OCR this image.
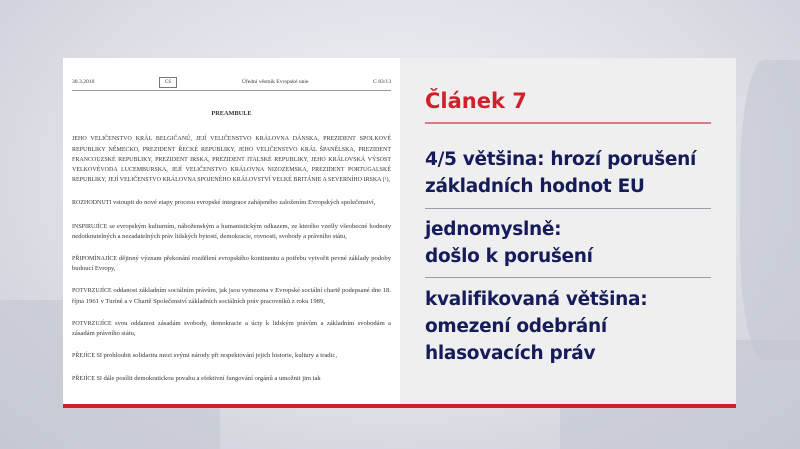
30.3.2010	CS	Úřední věstník Evropské unie	C 83/13
PREAMBULE
JEHO VELIČENSTVO KRÁL BELGIČANŮ, JEJÍ VELIČENSTVO KRÁLOVNA DÁNSKA, PREZIDENT SPOLKOVÉ REPUBLIKY NĚMECKO, PREZIDENT ŘECKÉ REPUBLIKY, JEHO VELIČENSTVO KRÁL ŠPANĚLSKA, PREZIDENT FRANCOUZSKÉ REPUBLIKY, PREZIDENT IRSKA, PREZIDENT ITALSKÉ REPUBLIKY, JEHO KRÁLOVSKÁ VÝSOST VELKOVÉVODA LUCEMBURSKA, JEJÍ VELIČENSTVO KRÁLOVNA NIZOZEMSKA, PREZIDENT PORTUGALSKÉ REPUBLIKY, JEJÍ VELIČENSTVO KRÁLOVNA SPOJENÉHO KRÁLOVSTVÍ VELKÉ BRITÁNIE A SEVERNÍHO IRSKA (¹),
ROZHODNUTI vstoupit do nové etapy procesu evropské integrace zahájeného založením Evropských společenství,
INSPIRUJÍCE se evropským kulturním, náboženským a humanistickým odkazem, ze kterého vzešly všeobecné hodnoty nedotknutelných a nezadatelných práv lidských bytostí, demokracie, rovnosti, svobody a právního státu,
PŘIPOMÍNAJÍCE dějinný význam překonání rozdělení evropského kontinentu a potřebu vytvořit pevné základy podoby budoucí Evropy,
POTVRZUJÍCE oddanost základním sociálním právům, jak jsou vymezena v Evropské sociální chartě podepsané dne 18. října 1961 v Turíně a v Chartě Společenství základních sociálních práv pracovníků z roku 1989,
POTVRZUJÍCE svou oddanost zásadám svobody, demokracie a úcty k lidským právům a základním svobodám a zásadám právního státu,
PŘEJÍCE SI prohloubit solidaritu mezi svými národy při respektování jejich historie, kultury a tradic,
PŘEJÍCE SI dále posílit demokratickou povahu a efektivní fungování orgánů a umožnit jim tak
Článek 7
4/5 většina: hrozí porušení
základních hodnot EU
jednomyslně:
došlo k porušení
kvalifikovaná většina:
omezení odebrání
hlasovacích práv
